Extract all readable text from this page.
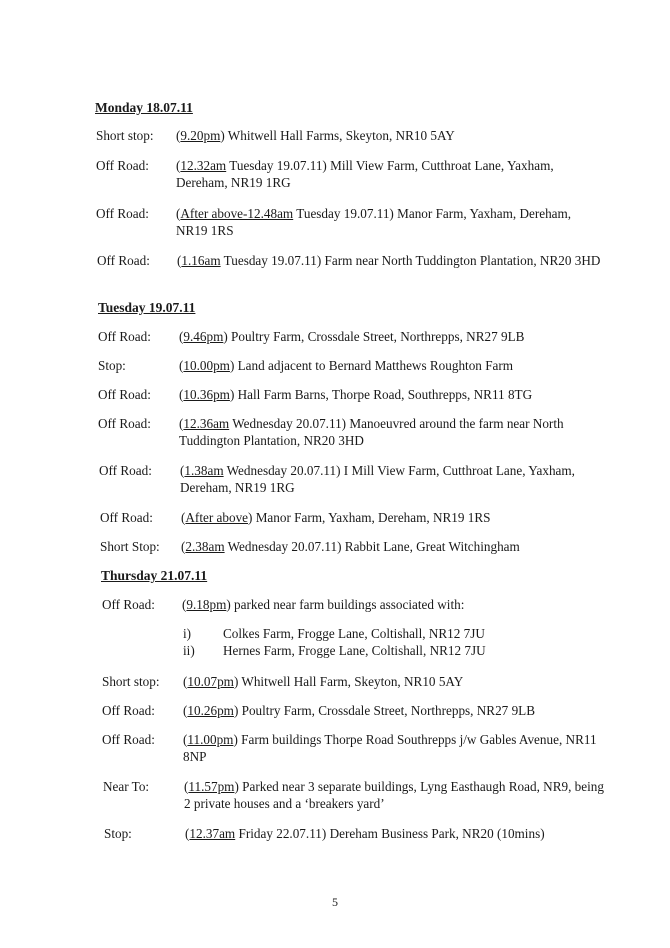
Monday 18.07.11
Short stop: (9.20pm) Whitwell Hall Farms, Skeyton, NR10 5AY
Off Road: (12.32am Tuesday 19.07.11) Mill View Farm, Cutthroat Lane, Yaxham, Dereham, NR19 1RG
Off Road: (After above-12.48am Tuesday 19.07.11) Manor Farm, Yaxham, Dereham, NR19 1RS
Off Road: (1.16am Tuesday 19.07.11) Farm near North Tuddington Plantation, NR20 3HD
Tuesday 19.07.11
Off Road: (9.46pm) Poultry Farm, Crossdale Street, Northrepps, NR27 9LB
Stop:	(10.00pm) Land adjacent to Bernard Matthews Roughton Farm
Off Road: (10.36pm) Hall Farm Barns, Thorpe Road, Southrepps, NR11 8TG
Off Road: (12.36am Wednesday 20.07.11) Manoeuvred around the farm near North Tuddington Plantation, NR20 3HD
Off Road: (1.38am Wednesday 20.07.11) I Mill View Farm, Cutthroat Lane, Yaxham, Dereham, NR19 1RG
Off Road: (After above) Manor Farm, Yaxham, Dereham, NR19 1RS
Short Stop: (2.38am Wednesday 20.07.11) Rabbit Lane, Great Witchingham
Thursday 21.07.11
Off Road: (9.18pm) parked near farm buildings associated with:
i) Colkes Farm, Frogge Lane, Coltishall, NR12 7JU
ii) Hernes Farm, Frogge Lane, Coltishall, NR12 7JU
Short stop: (10.07pm) Whitwell Hall Farm, Skeyton, NR10 5AY
Off Road: (10.26pm) Poultry Farm, Crossdale Street, Northrepps, NR27 9LB
Off Road: (11.00pm) Farm buildings Thorpe Road Southrepps j/w Gables Avenue, NR11 8NP
Near To:	(11.57pm) Parked near 3 separate buildings, Lyng Easthaugh Road, NR9, being 2 private houses and a ‘breakers yard’
Stop:	(12.37am Friday 22.07.11) Dereham Business Park, NR20 (10mins)
5
